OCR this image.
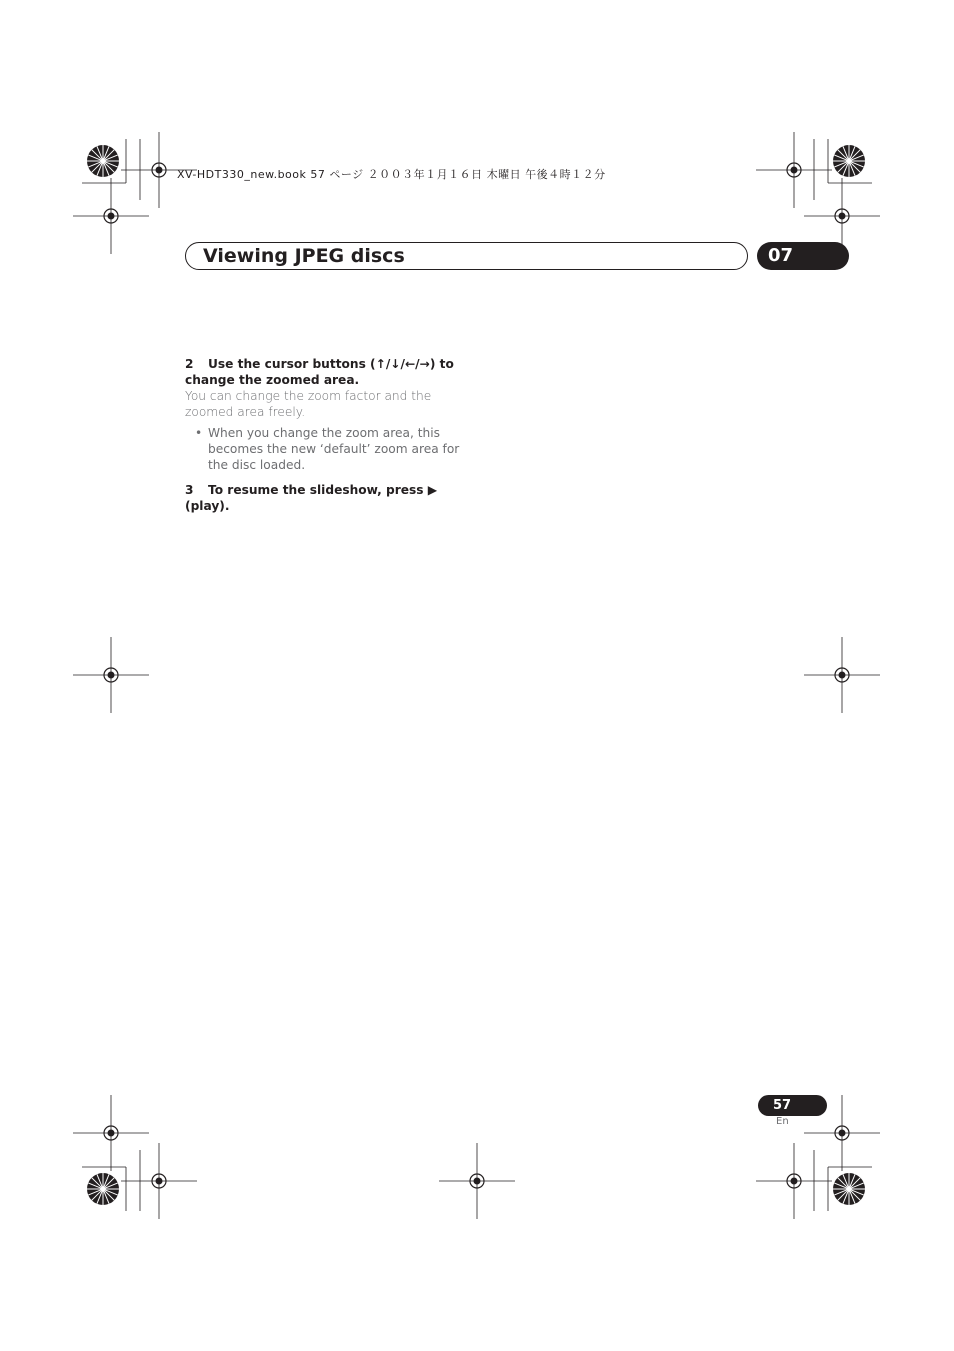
XV-HDT330_new.book 57 ページ ２００３年１月１６日 木曜日 午後４時１２分
Viewing JPEG discs	07

2 Use the cursor buttons (↑/↓/←/→) to change the zoomed area.

You can change the zoom factor and the zoomed area freely.

• When you change the zoom area, this becomes the new ‘default’ zoom area for the disc loaded.

3 To resume the slideshow, press ▶ (play).

57
En
